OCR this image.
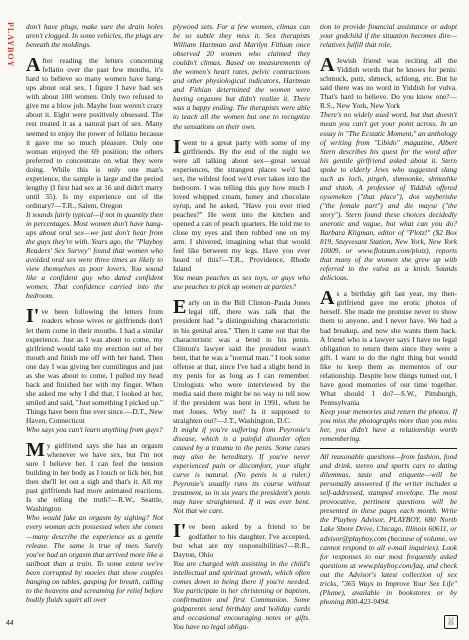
PLAYBOY don't have plugs, make sure the drain holes aren't clogged. In some vehicles, the plugs are beneath the moldings.

After reading the letters concerning fellatio over the past few months, it's hard to believe so many women have hang-ups about oral sex. I figure I have had sex with about 100 women. Only two refused to give me a blow job. Maybe four weren't crazy about it. Eight were positively obsessed. The rest treated it as a natural part of sex. Many seemed to enjoy the power of fellatio because it gave me so much pleasure. Only one woman enjoyed the 69 position; the others preferred to concentrate on what they were doing. While this is only one man's experience, the sample is large and the period lengthy (I first had sex at 16 and didn't marry until 35). Is my experience out of the ordinary?—T.R., Salem, Oregon

It sounds fairly typical—if not in quantity then in percentages. Most women don't have hang-ups about oral sex—we just don't hear from the guys they're with. Years ago, the "Playboy Readers' Sex Survey" found that women who avoided oral sex were three times as likely to view themselves as poor lovers. You sound like a confident guy who dated confident women. That confidence carried into the bedroom.

I've been following the letters from readers whose wives or girlfriends don't let them come in their mouths. I had a similar experience. Just as I was about to come, my girlfriend would take my erection out of her mouth and finish me off with her hand. Then one day I was giving her cunnilingus and just as she was about to come, I pulled my head back and finished her with my finger. When she asked me why I did that, I looked at her, smiled and said, "Just something I picked up." Things have been fine ever since.—D.T., New Haven, Connecticut

Who says you can't learn anything from guys?

My girlfriend says she has an orgasm whenever we have sex, but I'm not sure I believe her. I can feel the tension building in her body as I touch or lick her, but then she'll let out a sigh and that's it. All my past girlfriends had more animated reactions. Is she telling the truth?—R.W., Seattle, Washington

Who would fake an orgasm by sighing? Not every woman acts possessed when she comes—many describe the experience as a gentle release. The same is true of men. Surely you've had an orgasm that arrived more like a sailboat than a train. To some extent we've been corrupted by movies that show couples banging on tables, gasping for breath, calling to the heavens and screaming for relief before bodily fluids squirt all over

plywood sets. For a few women, climax can be so subtle they miss it. Sex therapists William Hartman and Marilyn Fithian once observed 20 women who claimed they couldn't climax. Based on measurements of the women's heart rates, pelvic contractions and other physiological indicators, Hartman and Fithian determined the women were having orgasms but didn't realize it. There was a happy ending. The therapists were able to teach all the women but one to recognize the sensations on their own.

Iwent to a great party with some of my girlfriends. By the end of the night we were all talking about sex—great sexual experiences, the strangest places we'd had sex, the wildest food we'd ever taken into the bedroom. I was telling this guy how much I loved whipped cream, honey and chocolate syrup, and he asked, "Have you ever tried peaches?" He went into the kitchen and opened a can of peach quarters. He told me to close my eyes and then rubbed one on my arm. I shivered, imagining what that would feel like between my legs. Have you ever heard of this?—T.R., Providence, Rhode Island

You mean peaches as sex toys, or guys who use peaches to pick up women at parties?

Early on in the Bill Clinton–Paula Jones legal tiff, there was talk that the president had "a distinguishing characteristic in his genital area." Then it came out that the characteristic was a bend in his penis. Clinton's lawyer said the president wasn't bent, that he was a "normal man." I took some offense at that, since I've had a slight bend in my penis for as long as I can remember. Urologists who were interviewed by the media said there might be no way to tell now if the president was bent in 1991, when he met Jones. Why not? Is it supposed to straighten out?—J.T., Washington, D.C.

It might if you're suffering from Peyronie's disease, which is a painful disorder often caused by a trauma to the penis. Some cases may also be hereditary. If you've never experienced pain or discomfort, your slight curve is natural. (No penis is a ruler.) Peyronie's usually runs its course without treatment, so in six years the president's penis may have straightened. If it was ever bent. Not that we care.

I've been asked by a friend to be godfather to his daughter. I've accepted, but what are my responsibilities?—R.R., Dayton, Ohio

You are charged with assisting in the child's intellectual and spiritual growth, which often comes down to being there if you're needed. You participate in her christening or baptism, confirmation and first Communion. Some godparents send birthday and holiday cards and occasional encouraging notes or gifts. You have no legal obliga-

tion to provide financial assistance or adopt your godchild if the situation becomes dire—relatives fulfill that role.

AJewish friend was reciting all the Yiddish words that he knows for penis: schmuck, putz, shmeck, schlong, etc. But he said there was no word in Yiddish for vulva. That's hard to believe. Do you know one?—R.S., New York, New York

There's no widely used word, but that doesn't mean you can't get your point across. In an essay in "The Ecstatic Moment," an anthology of writing from "Libido" magazine, Albert Stern describes his quest for the word after his gentile girlfriend asked about it. Stern spoke to elderly Jews who suggested slang such as loch, pirgeh, shmoonke, shmushke and shtoh. A professor of Yiddish offered oysemeken ("that place"), dos vayberishe ("the female part") and die mayse ("the story"). Stern found these choices decidedly unerotic and vague, but what can you do? Barbara Kligman, editor of "Plotz!" ($2 Box 819, Stuyvesant Station, New York, New York 10009, or www.flotzam.com/plotz), reports that many of the women she grew up with referred to the vulva as a knish. Sounds delicious.

As a birthday gift last year, my then-girlfriend gave me erotic photos of herself. She made me promise never to show them to anyone, and I never have. We had a bad breakup, and now she wants them back. A friend who is a lawyer says I have no legal obligation to return them since they were a gift. I want to do the right thing but would like to keep them as mementos of our relationship. Despite how things turned out, I have good memories of our time together. What should I do?—S.W., Pittsburgh, Pennsylvania

Keep your memories and return the photos. If you miss the photographs more than you miss her, you didn't have a relationship worth remembering.

All reasonable questions—from fashion, food and drink, stereo and sports cars to dating dilemmas, taste and etiquette—will be personally answered if the writer includes a self-addressed, stamped envelope. The most provocative, pertinent questions will be presented in these pages each month. Write the Playboy Advisor, PLAYBOY, 680 North Lake Shore Drive, Chicago, Illinois 60611, or advisor@playboy.com (because of volume, we cannot respond to all e-mail inquiries). Look for responses to our most frequently asked questions at www.playboy.com/faq, and check out the Advisor's latest collection of sex tricks, "365 Ways to Improve Your Sex Life" (Plume), available in bookstores or by phoning 800-423-9494.

44	🐰
